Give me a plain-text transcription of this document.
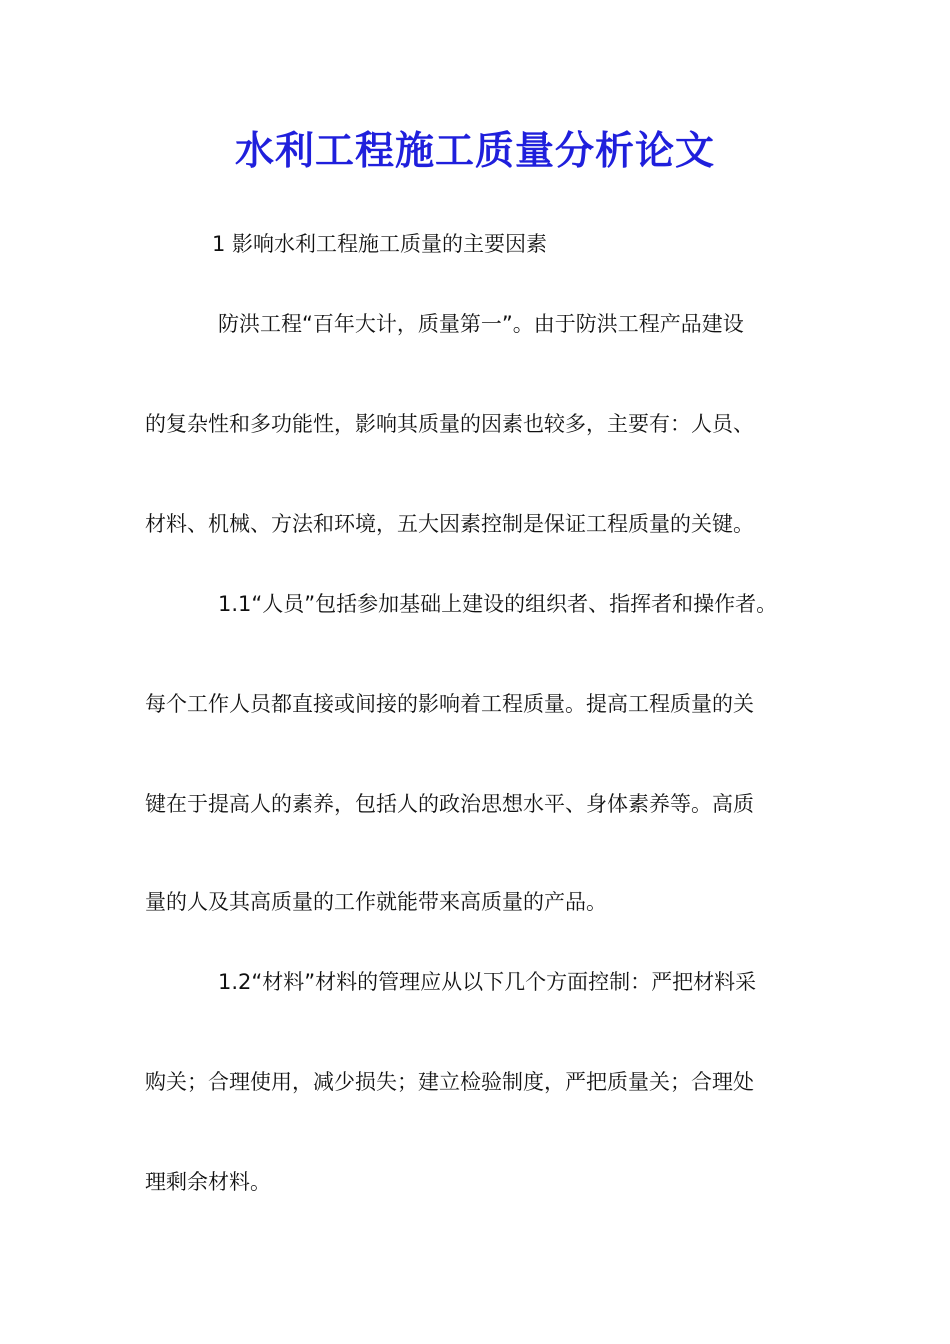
水利工程施工质量分析论文
1 影响水利工程施工质量的主要因素
防洪工程“百年大计，质量第一”。由于防洪工程产品建设
的复杂性和多功能性，影响其质量的因素也较多，主要有：人员、
材料、机械、方法和环境，五大因素控制是保证工程质量的关键。
1.1“人员”包括参加基础上建设的组织者、指挥者和操作者。
每个工作人员都直接或间接的影响着工程质量。提高工程质量的关
键在于提高人的素养，包括人的政治思想水平、身体素养等。高质
量的人及其高质量的工作就能带来高质量的产品。
1.2“材料”材料的管理应从以下几个方面控制：严把材料采
购关；合理使用，减少损失；建立检验制度，严把质量关；合理处
理剩余材料。
